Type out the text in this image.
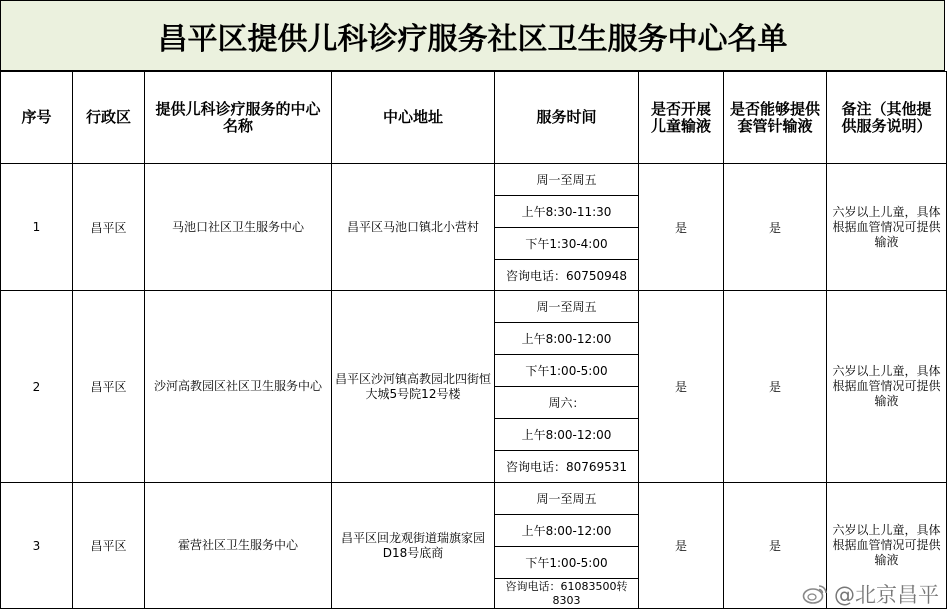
昌平区提供儿科诊疗服务社区卫生服务中心名单
序号	行政区	提供儿科诊疗服务的中心名称	中心地址	服务时间	是否开展儿童输液	是否能够提供套管针输液	备注（其他提供服务说明）
1	昌平区	马池口社区卫生服务中心	昌平区马池口镇北小营村	周一至周五	是	是	六岁以上儿童，具体根据血管情况可提供输液

				上午8:30-11:30			
				下午1:30-4:00			
				咨询电话：60750948			
2	昌平区	沙河高教园区社区卫生服务中心	昌平区沙河镇高教园北四街恒大城5号院12号楼	周一至周五	是	是	六岁以上儿童，具体根据血管情况可提供输液

				上午8:00-12:00			
				下午1:00-5:00			
				周六：			
				上午8:00-12:00			
				咨询电话：80769531			
3	昌平区	霍营社区卫生服务中心	昌平区回龙观街道瑞旗家园D18号底商	周一至周五	是	是	六岁以上儿童，具体根据血管情况可提供输液

				上午8:00-12:00			
				下午1:00-5:00			
				咨询电话：61083500转8303				@北京昌平
